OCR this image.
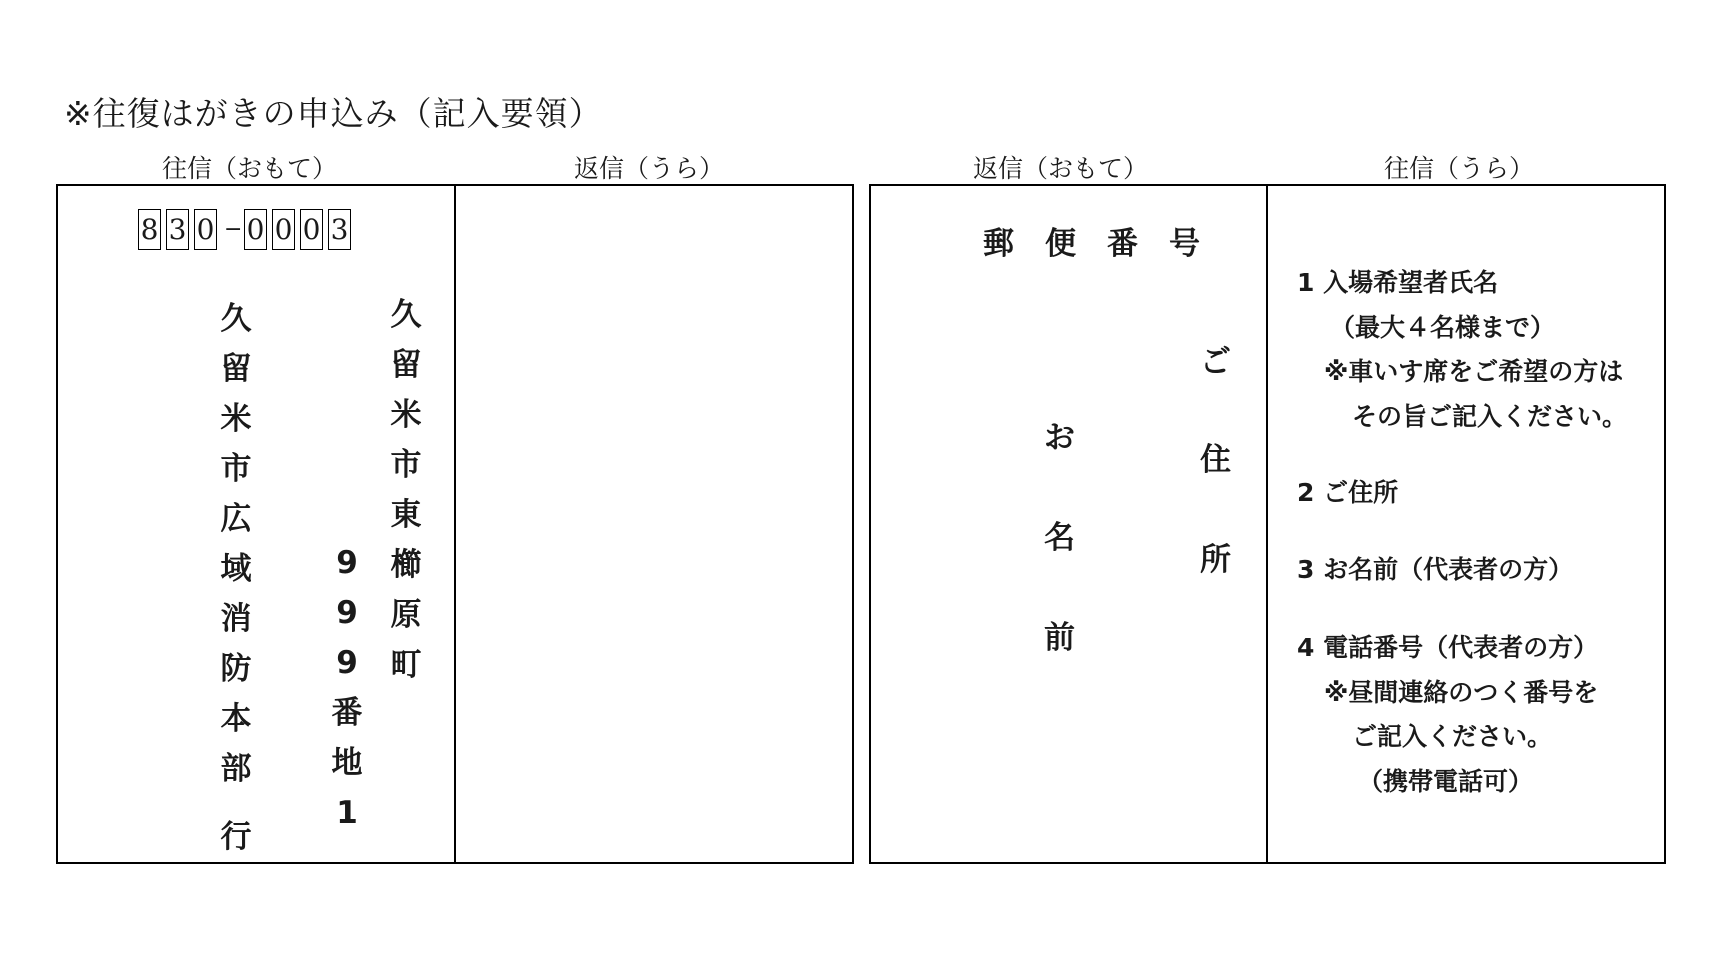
※往復はがきの申込み（記入要領）
往信（おもて）	返信（うら）	返信（おもて）	往信（うら）
8 3 0 − 0 0 0 3
久
留
米
市
東
櫛
原
町
9
9
9
番
地
1
久
留
米
市
広
域
消
防
本
部
行
郵　便　番　号
ご
住
所
お
名
前
1 入場希望者氏名
（最大４名様まで）
※車いす席をご希望の方は
その旨ご記入ください。
2 ご住所
3 お名前（代表者の方）
4 電話番号（代表者の方）
※昼間連絡のつく番号を
ご記入ください。
（携帯電話可）
